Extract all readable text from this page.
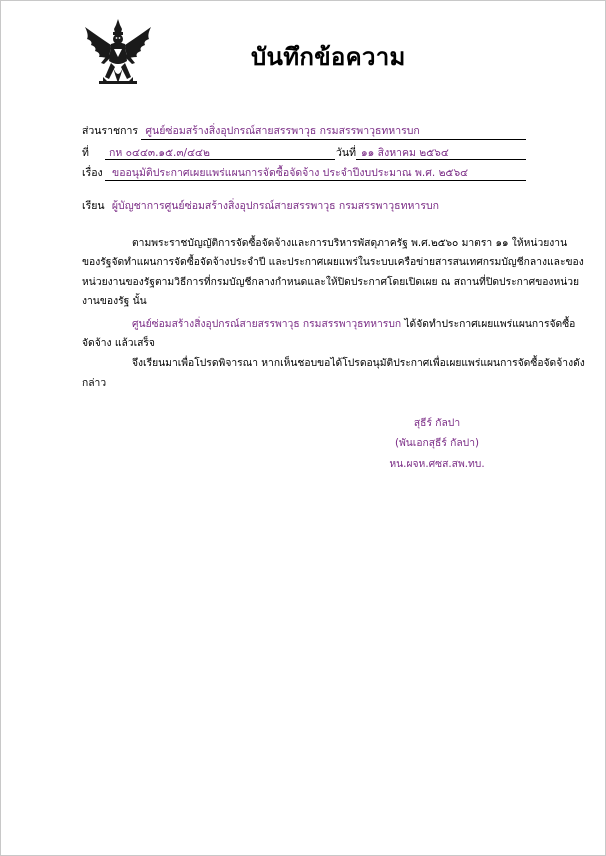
บันทึกข้อความ
ส่วนราชการ ศูนย์ซ่อมสร้างสิ่งอุปกรณ์สายสรรพาวุธ กรมสรรพาวุธทหารบก
ที่ กห ๐๔๔๓.๑๕.๓/๔๔๒	วันที่ ๑๑ สิงหาคม ๒๕๖๔
เรื่อง ขออนุมัติประกาศเผยแพร่แผนการจัดซื้อจัดจ้าง ประจำปีงบประมาณ พ.ศ. ๒๕๖๔
เรียน ผู้บัญชาการศูนย์ซ่อมสร้างสิ่งอุปกรณ์สายสรรพาวุธ กรมสรรพาวุธทหารบก
ตามพระราชบัญญัติการจัดซื้อจัดจ้างและการบริหารพัสดุภาครัฐ พ.ศ.๒๕๖๐ มาตรา ๑๑ ให้หน่วยงาน
ของรัฐจัดทำแผนการจัดซื้อจัดจ้างประจำปี และประกาศเผยแพร่ในระบบเครือข่ายสารสนเทศกรมบัญชีกลางและของ
หน่วยงานของรัฐตามวิธีการที่กรมบัญชีกลางกำหนดและให้ปิดประกาศโดยเปิดเผย ณ สถานที่ปิดประกาศของหน่วย
งานของรัฐ นั้น
ศูนย์ซ่อมสร้างสิ่งอุปกรณ์สายสรรพาวุธ กรมสรรพาวุธทหารบก ได้จัดทำประกาศเผยแพร่แผนการจัดซื้อ
จัดจ้าง แล้วเสร็จ
จึงเรียนมาเพื่อโปรดพิจารณา หากเห็นชอบขอได้โปรดอนุมัติประกาศเพื่อเผยแพร่แผนการจัดซื้อจัดจ้างดัง
กล่าว
สุธีร์ กัลปา
(พันเอกสุธีร์ กัลปา)
หน.ผจห.ศซส.สพ.ทบ.
